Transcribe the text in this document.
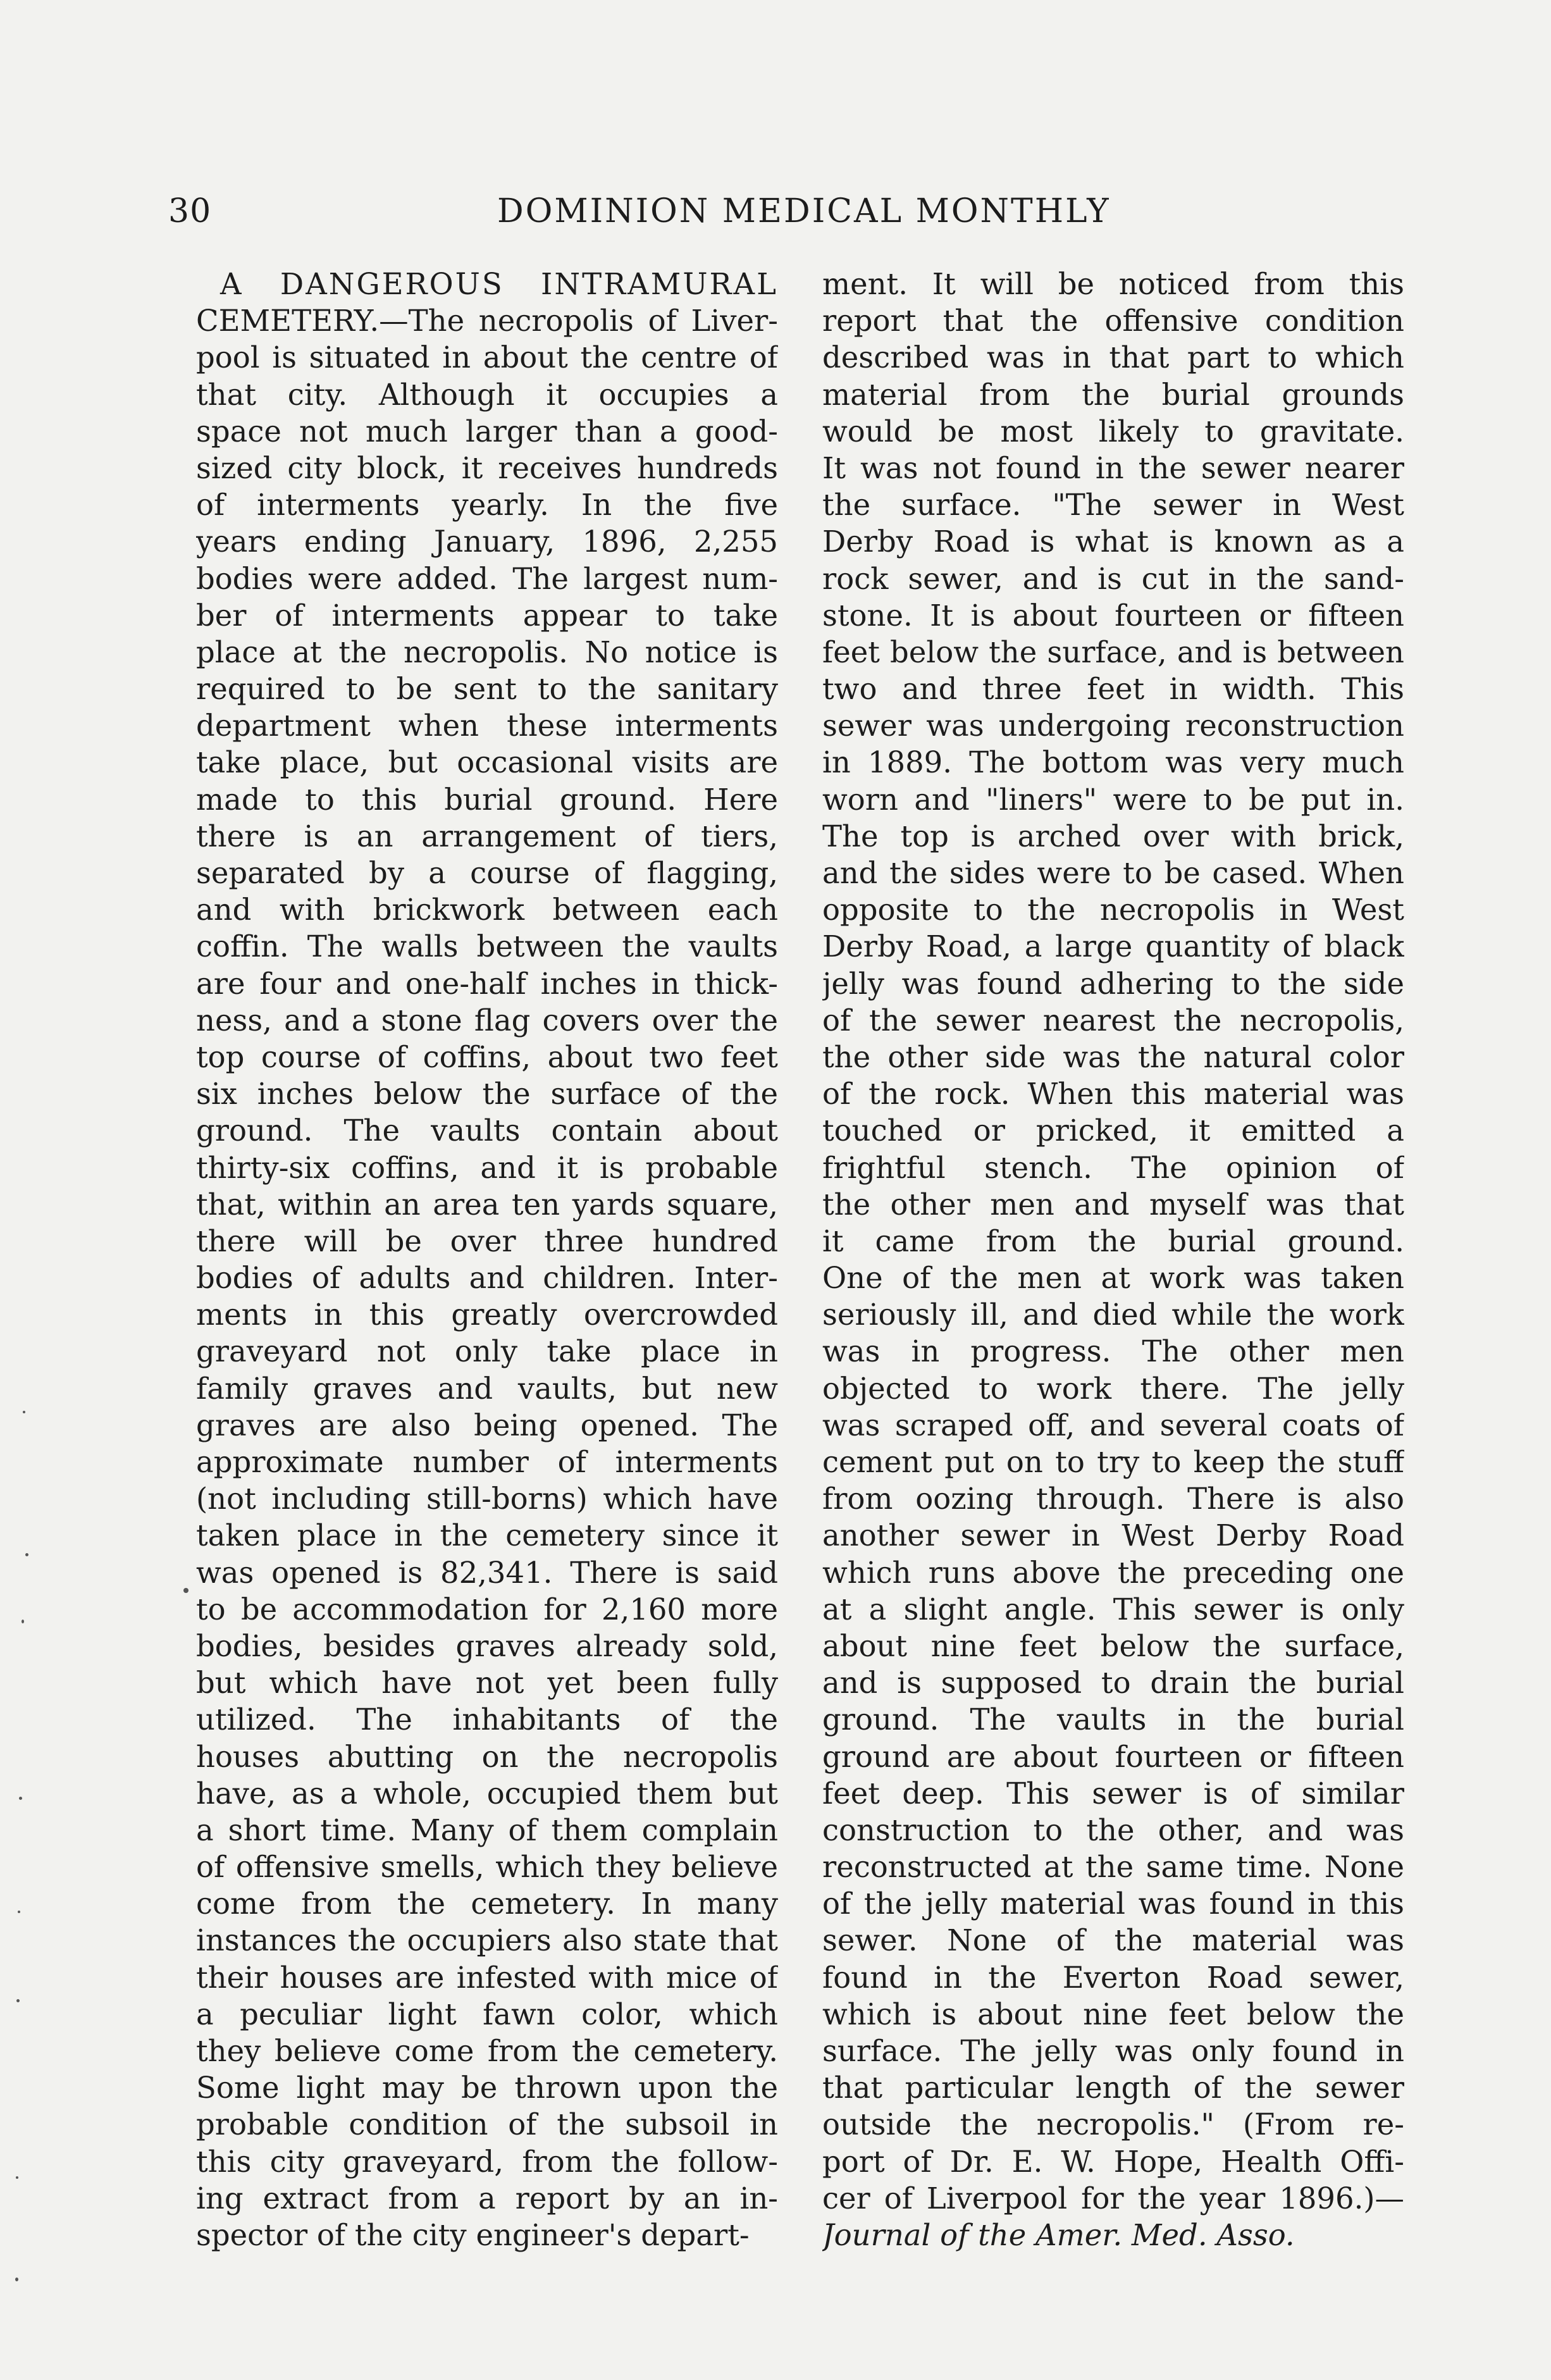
30	DOMINION MEDICAL MONTHLY
A DANGEROUS INTRAMURAL
CEMETERY.—The necropolis of Liver-
pool is situated in about the centre of
that city. Although it occupies a
space not much larger than a good-
sized city block, it receives hundreds
of interments yearly. In the five
years ending January, 1896, 2,255
bodies were added. The largest num-
ber of interments appear to take
place at the necropolis. No notice is
required to be sent to the sanitary
department when these interments
take place, but occasional visits are
made to this burial ground. Here
there is an arrangement of tiers,
separated by a course of flagging,
and with brickwork between each
coffin. The walls between the vaults
are four and one-half inches in thick-
ness, and a stone flag covers over the
top course of coffins, about two feet
six inches below the surface of the
ground. The vaults contain about
thirty-six coffins, and it is probable
that, within an area ten yards square,
there will be over three hundred
bodies of adults and children. Inter-
ments in this greatly overcrowded
graveyard not only take place in
family graves and vaults, but new
graves are also being opened. The
approximate number of interments
(not including still-borns) which have
taken place in the cemetery since it
was opened is 82,341. There is said
to be accommodation for 2,160 more
bodies, besides graves already sold,
but which have not yet been fully
utilized. The inhabitants of the
houses abutting on the necropolis
have, as a whole, occupied them but
a short time. Many of them complain
of offensive smells, which they believe
come from the cemetery. In many
instances the occupiers also state that
their houses are infested with mice of
a peculiar light fawn color, which
they believe come from the cemetery.
Some light may be thrown upon the
probable condition of the subsoil in
this city graveyard, from the follow-
ing extract from a report by an in-
spector of the city engineer's depart-
ment. It will be noticed from this
report that the offensive condition
described was in that part to which
material from the burial grounds
would be most likely to gravitate.
It was not found in the sewer nearer
the surface. "The sewer in West
Derby Road is what is known as a
rock sewer, and is cut in the sand-
stone. It is about fourteen or fifteen
feet below the surface, and is between
two and three feet in width. This
sewer was undergoing reconstruction
in 1889. The bottom was very much
worn and "liners" were to be put in.
The top is arched over with brick,
and the sides were to be cased. When
opposite to the necropolis in West
Derby Road, a large quantity of black
jelly was found adhering to the side
of the sewer nearest the necropolis,
the other side was the natural color
of the rock. When this material was
touched or pricked, it emitted a
frightful stench. The opinion of
the other men and myself was that
it came from the burial ground.
One of the men at work was taken
seriously ill, and died while the work
was in progress. The other men
objected to work there. The jelly
was scraped off, and several coats of
cement put on to try to keep the stuff
from oozing through. There is also
another sewer in West Derby Road
which runs above the preceding one
at a slight angle. This sewer is only
about nine feet below the surface,
and is supposed to drain the burial
ground. The vaults in the burial
ground are about fourteen or fifteen
feet deep. This sewer is of similar
construction to the other, and was
reconstructed at the same time. None
of the jelly material was found in this
sewer. None of the material was
found in the Everton Road sewer,
which is about nine feet below the
surface. The jelly was only found in
that particular length of the sewer
outside the necropolis." (From re-
port of Dr. E. W. Hope, Health Offi-
cer of Liverpool for the year 1896.)—
Journal of the Amer. Med. Asso.
